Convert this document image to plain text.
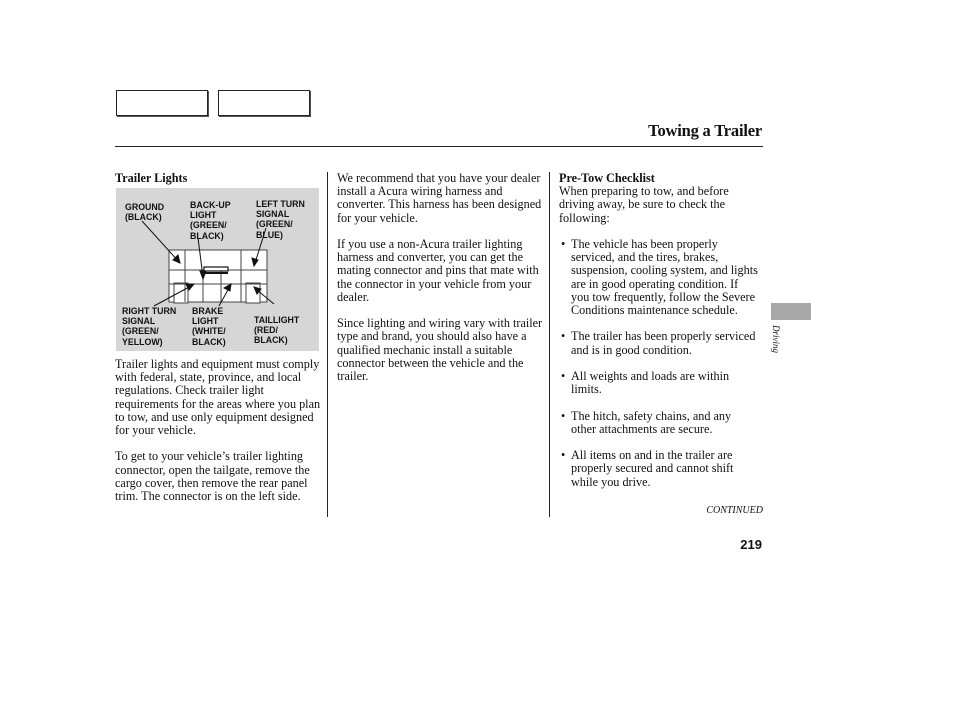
Towing a Trailer
Trailer Lights
GROUND
(BLACK)
BACK-UP
LIGHT
(GREEN/
BLACK)
LEFT TURN
SIGNAL
(GREEN/
BLUE)
RIGHT TURN
SIGNAL
(GREEN/
YELLOW)
BRAKE
LIGHT
(WHITE/
BLACK)
TAILLIGHT
(RED/
BLACK)

Trailer lights and equipment must comply with federal, state, province, and local regulations. Check trailer light requirements for the areas where you plan to tow, and use only equipment designed for your vehicle.

To get to your vehicle’s trailer lighting connector, open the tailgate, remove the cargo cover, then remove the rear panel trim. The connector is on the left side.

We recommend that you have your dealer install a Acura wiring harness and converter. This harness has been designed for your vehicle.

If you use a non-Acura trailer lighting harness and converter, you can get the mating connector and pins that mate with the connector in your vehicle from your dealer.

Since lighting and wiring vary with trailer type and brand, you should also have a qualified mechanic install a suitable connector between the vehicle and the trailer.

Pre-Tow Checklist

When preparing to tow, and before driving away, be sure to check the following:

• The vehicle has been properly serviced, and the tires, brakes, suspension, cooling system, and lights are in good operating condition. If you tow frequently, follow the Severe Conditions maintenance schedule.

• The trailer has been properly serviced and is in good condition.

• All weights and loads are within limits.

• The hitch, safety chains, and any other attachments are secure.

• All items on and in the trailer are properly secured and cannot shift while you drive.

CONTINUED
219
Driving
